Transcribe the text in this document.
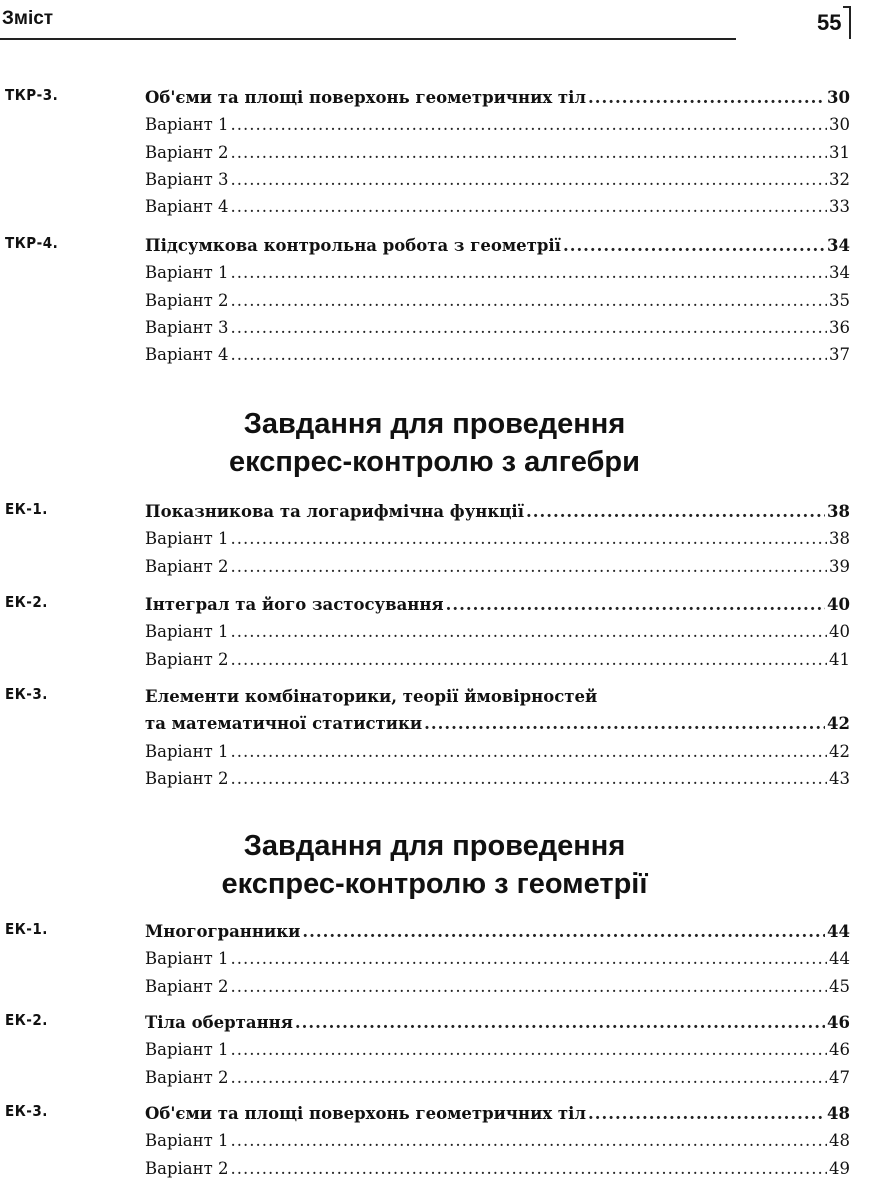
Зміст	55
ТКР-3.	Об'єми та площі поверхонь геометричних тіл .....	30
Варіант 1 .....	30
Варіант 2 .....	31
Варіант 3 .....	32
Варіант 4 .....	33
ТКР-4.	Підсумкова контрольна робота з геометрії .....	34
Варіант 1 .....	34
Варіант 2 .....	35
Варіант 3 .....	36
Варіант 4 .....	37
Завдання для проведення
експрес-контролю з алгебри
ЕК-1.	Показникова та логарифмічна функції .....	38
Варіант 1 .....	38
Варіант 2 .....	39
ЕК-2.	Інтеграл та його застосування .....	40
Варіант 1 .....	40
Варіант 2 .....	41
ЕК-3.	Елементи комбінаторики, теорії ймовірностей
та математичної статистики .....	42
Варіант 1 .....	42
Варіант 2 .....	43
Завдання для проведення
експрес-контролю з геометрії
ЕК-1.	Многогранники .....	44
Варіант 1 .....	44
Варіант 2 .....	45
ЕК-2.	Тіла обертання .....	46
Варіант 1 .....	46
Варіант 2 .....	47
ЕК-3.	Об'єми та площі поверхонь геометричних тіл .....	48
Варіант 1 .....	48
Варіант 2 .....	49
